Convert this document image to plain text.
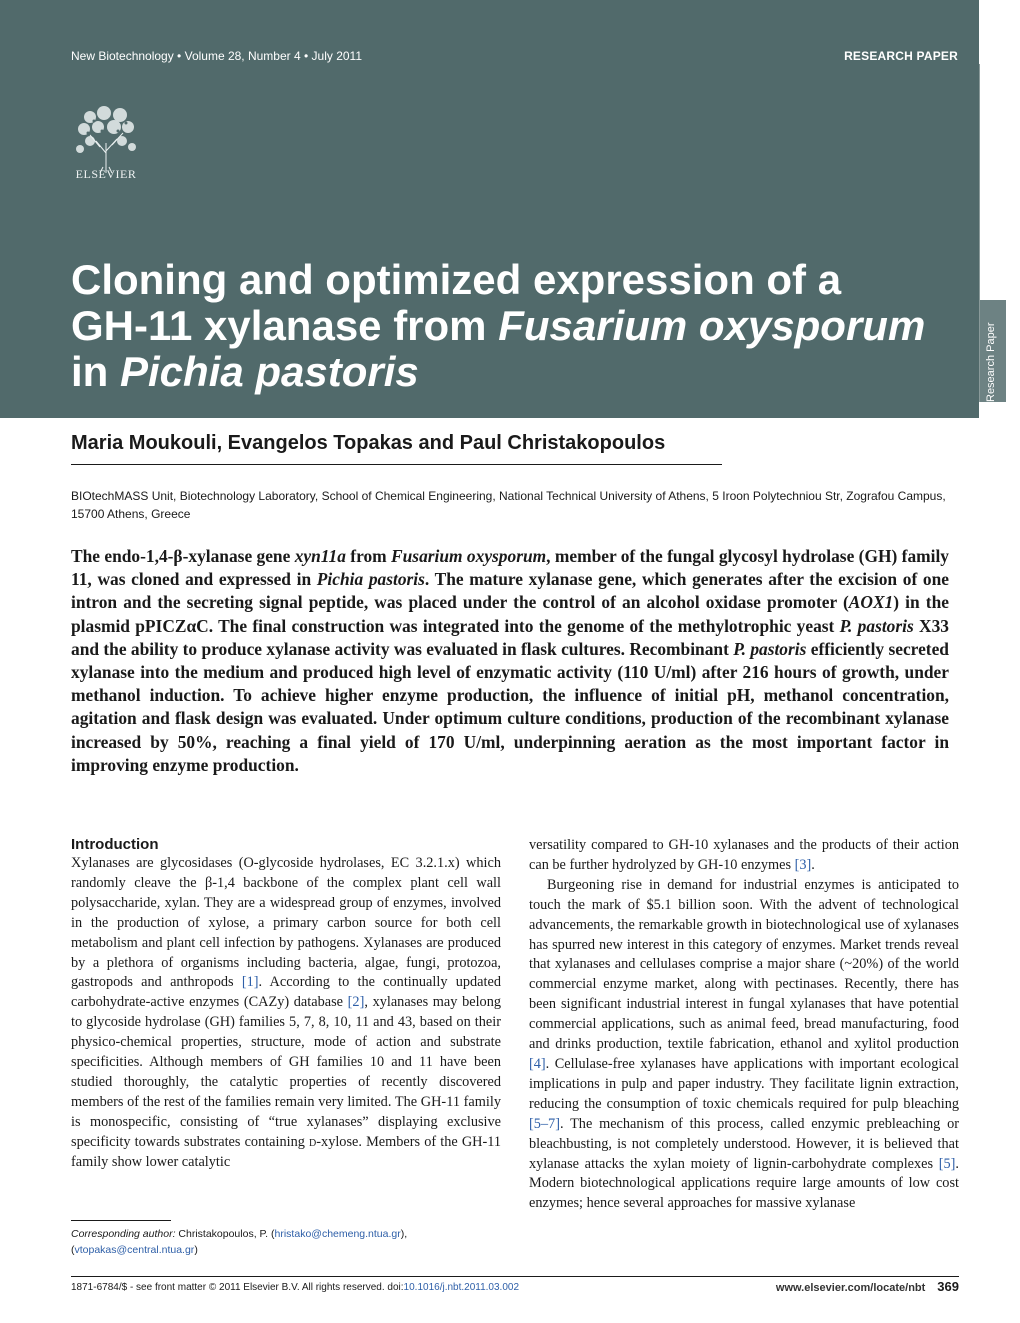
Research Paper
New Biotechnology • Volume 28, Number 4 • July 2011	RESEARCH PAPER
ELSEVIER
Cloning and optimized expression of a
GH-11 xylanase from Fusarium oxysporum
in Pichia pastoris
Maria Moukouli, Evangelos Topakas and Paul Christakopoulos
BIOtechMASS Unit, Biotechnology Laboratory, School of Chemical Engineering, National Technical University of Athens, 5 Iroon Polytechniou Str, Zografou Campus, 15700 Athens, Greece

The endo-1,4-β-xylanase gene xyn11a from Fusarium oxysporum, member of the fungal glycosyl hydrolase (GH) family 11, was cloned and expressed in Pichia pastoris. The mature xylanase gene, which generates after the excision of one intron and the secreting signal peptide, was placed under the control of an alcohol oxidase promoter (AOX1) in the plasmid pPICZαC. The final construction was integrated into the genome of the methylotrophic yeast P. pastoris X33 and the ability to produce xylanase activity was evaluated in flask cultures. Recombinant P. pastoris efficiently secreted xylanase into the medium and produced high level of enzymatic activity (110 U/ml) after 216 hours of growth, under methanol induction. To achieve higher enzyme production, the influence of initial pH, methanol concentration, agitation and flask design was evaluated. Under optimum culture conditions, production of the recombinant xylanase increased by 50%, reaching a final yield of 170 U/ml, underpinning aeration as the most important factor in improving enzyme production.

Introduction

Xylanases are glycosidases (O-glycoside hydrolases, EC 3.2.1.x) which randomly cleave the β-1,4 backbone of the complex plant cell wall polysaccharide, xylan. They are a widespread group of enzymes, involved in the production of xylose, a primary carbon source for both cell metabolism and plant cell infection by pathogens. Xylanases are produced by a plethora of organisms including bacteria, algae, fungi, protozoa, gastropods and anthropods [1]. According to the continually updated carbohydrate-active enzymes (CAZy) database [2], xylanases may belong to glycoside hydrolase (GH) families 5, 7, 8, 10, 11 and 43, based on their physico-chemical properties, structure, mode of action and substrate specificities. Although members of GH families 10 and 11 have been studied thoroughly, the catalytic properties of recently discovered members of the rest of the families remain very limited. The GH-11 family is monospecific, consisting of “true xylanases” displaying exclusive specificity towards substrates containing d-xylose. Members of the GH-11 family show lower catalytic

versatility compared to GH-10 xylanases and the products of their action can be further hydrolyzed by GH-10 enzymes [3].

Burgeoning rise in demand for industrial enzymes is anticipated to touch the mark of $5.1 billion soon. With the advent of technological advancements, the remarkable growth in biotechnological use of xylanases has spurred new interest in this category of enzymes. Market trends reveal that xylanases and cellulases comprise a major share (~20%) of the world commercial enzyme market, along with pectinases. Recently, there has been significant industrial interest in fungal xylanases that have potential commercial applications, such as animal feed, bread manufacturing, food and drinks production, textile fabrication, ethanol and xylitol production [4]. Cellulase-free xylanases have applications with important ecological implications in pulp and paper industry. They facilitate lignin extraction, reducing the consumption of toxic chemicals required for pulp bleaching [5–7]. The mechanism of this process, called enzymic prebleaching or bleachbusting, is not completely understood. However, it is believed that xylanase attacks the xylan moiety of lignin-carbohydrate complexes [5]. Modern biotechnological applications require large amounts of low cost enzymes; hence several approaches for massive xylanase

Corresponding author: Christakopoulos, P. (hristako@chemeng.ntua.gr),
(vtopakas@central.ntua.gr)
1871-6784/$ - see front matter © 2011 Elsevier B.V. All rights reserved. doi:10.1016/j.nbt.2011.03.002	www.elsevier.com/locate/nbt 369
